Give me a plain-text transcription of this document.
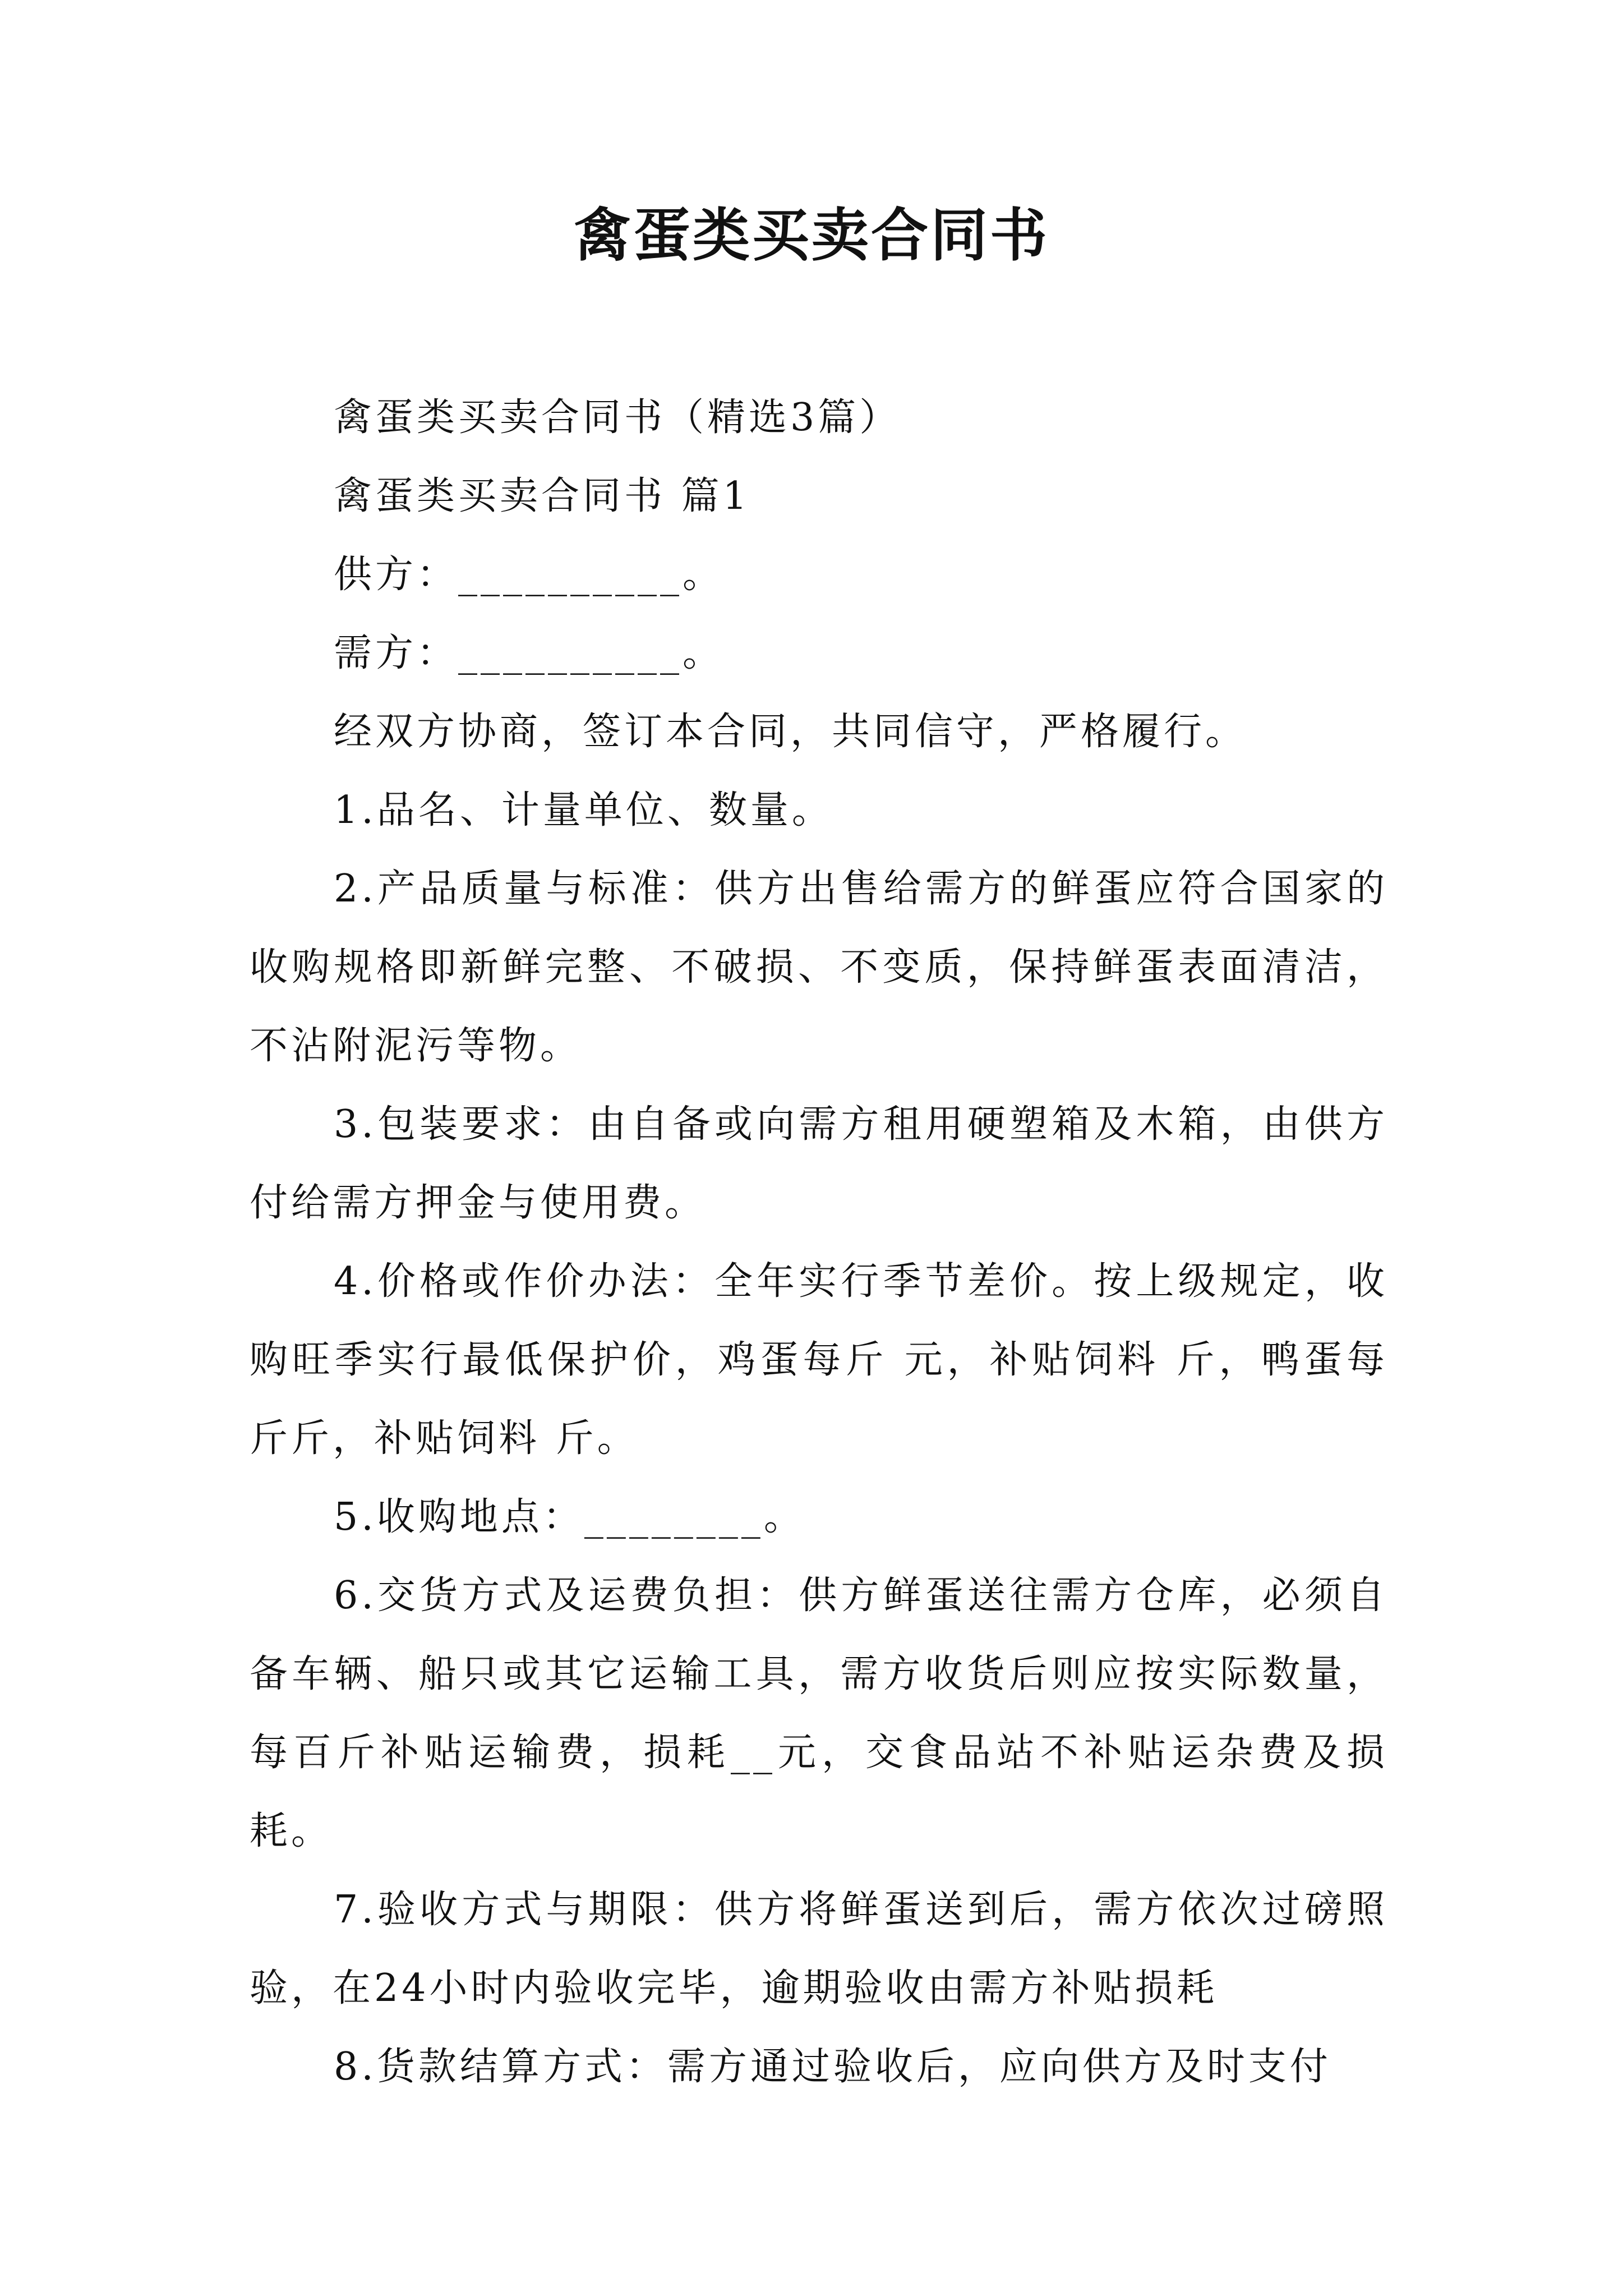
禽蛋类买卖合同书

禽蛋类买卖合同书（精选3篇）

禽蛋类买卖合同书 篇1

供方：__________。

需方：__________。

经双方协商，签订本合同，共同信守，严格履行。

1.品名、计量单位、数量。

2.产品质量与标准：供方出售给需方的鲜蛋应符合国家的收购规格即新鲜完整、不破损、不变质，保持鲜蛋表面清洁，不沾附泥污等物。

3.包装要求：由自备或向需方租用硬塑箱及木箱，由供方付给需方押金与使用费。

4.价格或作价办法：全年实行季节差价。按上级规定，收购旺季实行最低保护价，鸡蛋每斤 元，补贴饲料 斤，鸭蛋每 斤斤，补贴饲料 斤。

5.收购地点：________。

6.交货方式及运费负担：供方鲜蛋送往需方仓库，必须自备车辆、船只或其它运输工具，需方收货后则应按实际数量，每百斤补贴运输费，损耗__元，交食品站不补贴运杂费及损耗。

7.验收方式与期限：供方将鲜蛋送到后，需方依次过磅照验，在24小时内验收完毕，逾期验收由需方补贴损耗

8.货款结算方式：需方通过验收后，应向供方及时支付
